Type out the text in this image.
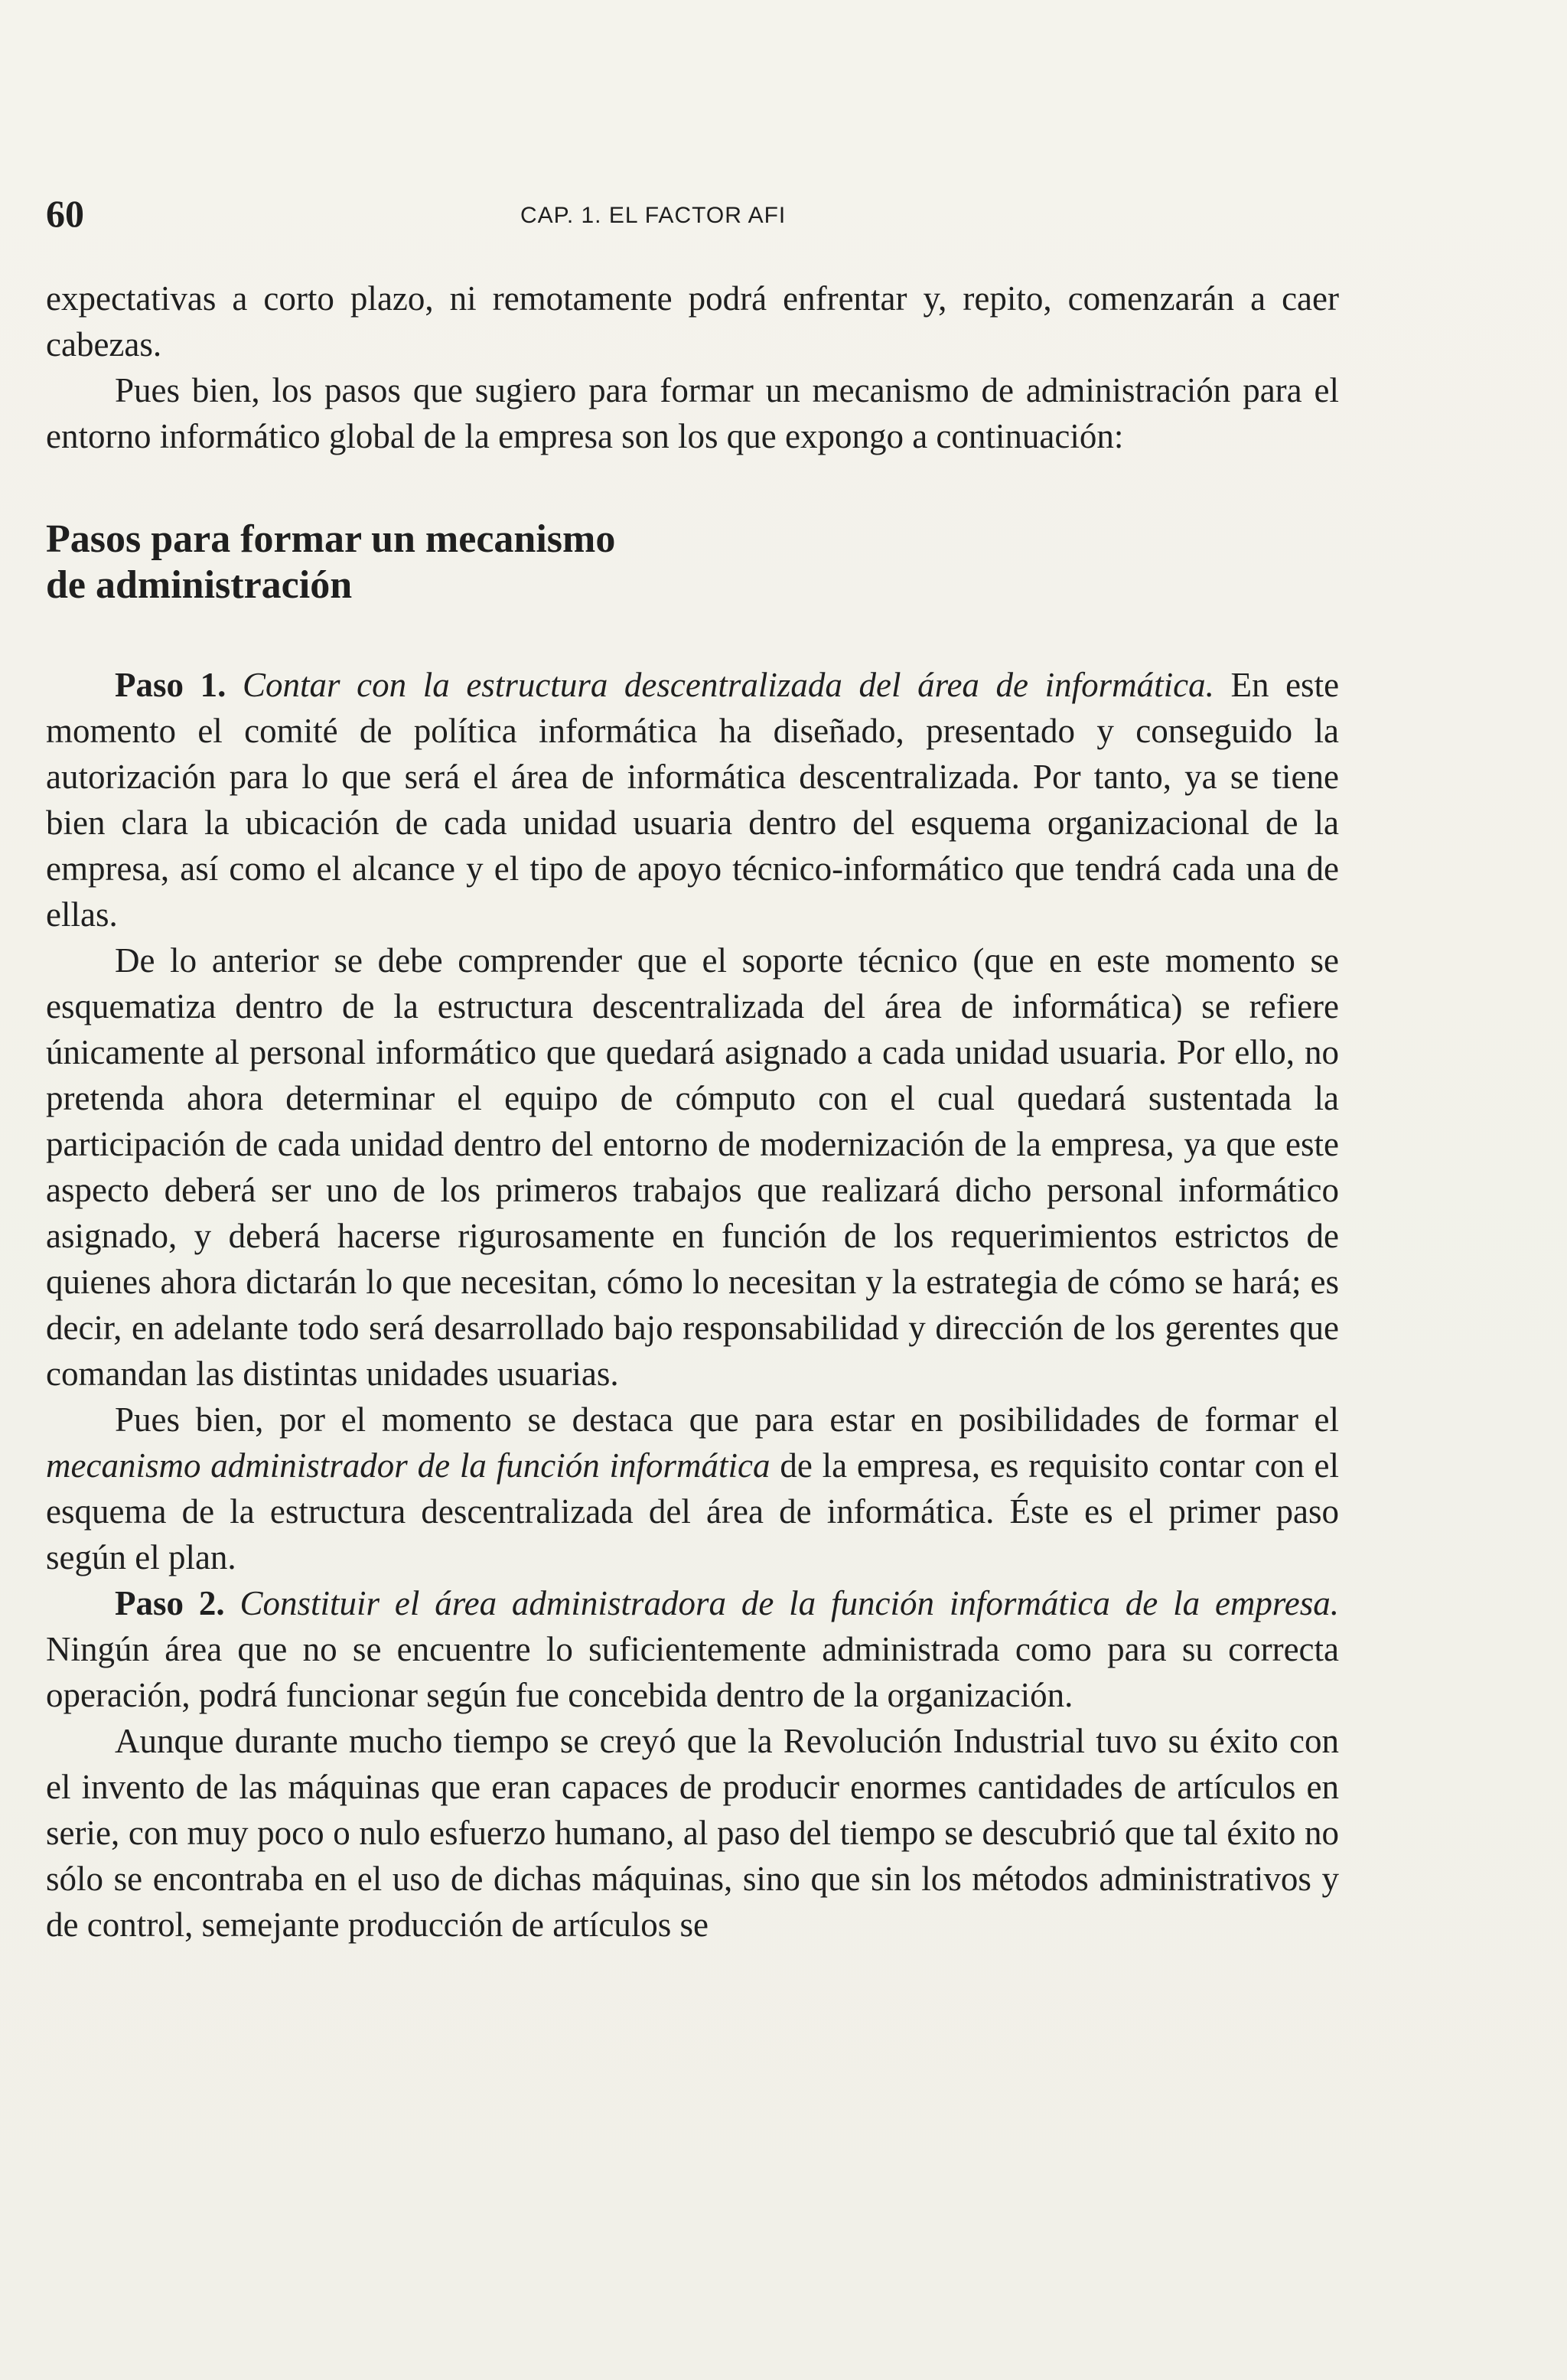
60	CAP. 1. EL FACTOR AFI

expectativas a corto plazo, ni remotamente podrá enfrentar y, repito, comenzarán a caer cabezas.

Pues bien, los pasos que sugiero para formar un mecanismo de administración para el entorno informático global de la empresa son los que expongo a continuación:

Pasos para formar un mecanismo
de administración

Paso 1. Contar con la estructura descentralizada del área de informática. En este momento el comité de política informática ha diseñado, presentado y conseguido la autorización para lo que será el área de informática descentralizada. Por tanto, ya se tiene bien clara la ubicación de cada unidad usuaria dentro del esquema organizacional de la empresa, así como el alcance y el tipo de apoyo técnico-informático que tendrá cada una de ellas.

De lo anterior se debe comprender que el soporte técnico (que en este momento se esquematiza dentro de la estructura descentralizada del área de informática) se refiere únicamente al personal informático que quedará asignado a cada unidad usuaria. Por ello, no pretenda ahora determinar el equipo de cómputo con el cual quedará sustentada la participación de cada unidad dentro del entorno de modernización de la empresa, ya que este aspecto deberá ser uno de los primeros trabajos que realizará dicho personal informático asignado, y deberá hacerse rigurosamente en función de los requerimientos estrictos de quienes ahora dictarán lo que necesitan, cómo lo necesitan y la estrategia de cómo se hará; es decir, en adelante todo será desarrollado bajo responsabilidad y dirección de los gerentes que comandan las distintas unidades usuarias.

Pues bien, por el momento se destaca que para estar en posibilidades de formar el mecanismo administrador de la función informática de la empresa, es requisito contar con el esquema de la estructura descentralizada del área de informática. Éste es el primer paso según el plan.

Paso 2. Constituir el área administradora de la función informática de la empresa. Ningún área que no se encuentre lo suficientemente administrada como para su correcta operación, podrá funcionar según fue concebida dentro de la organización.

Aunque durante mucho tiempo se creyó que la Revolución Industrial tuvo su éxito con el invento de las máquinas que eran capaces de producir enormes cantidades de artículos en serie, con muy poco o nulo esfuerzo humano, al paso del tiempo se descubrió que tal éxito no sólo se encontraba en el uso de dichas máquinas, sino que sin los métodos administrativos y de control, semejante producción de artículos se
